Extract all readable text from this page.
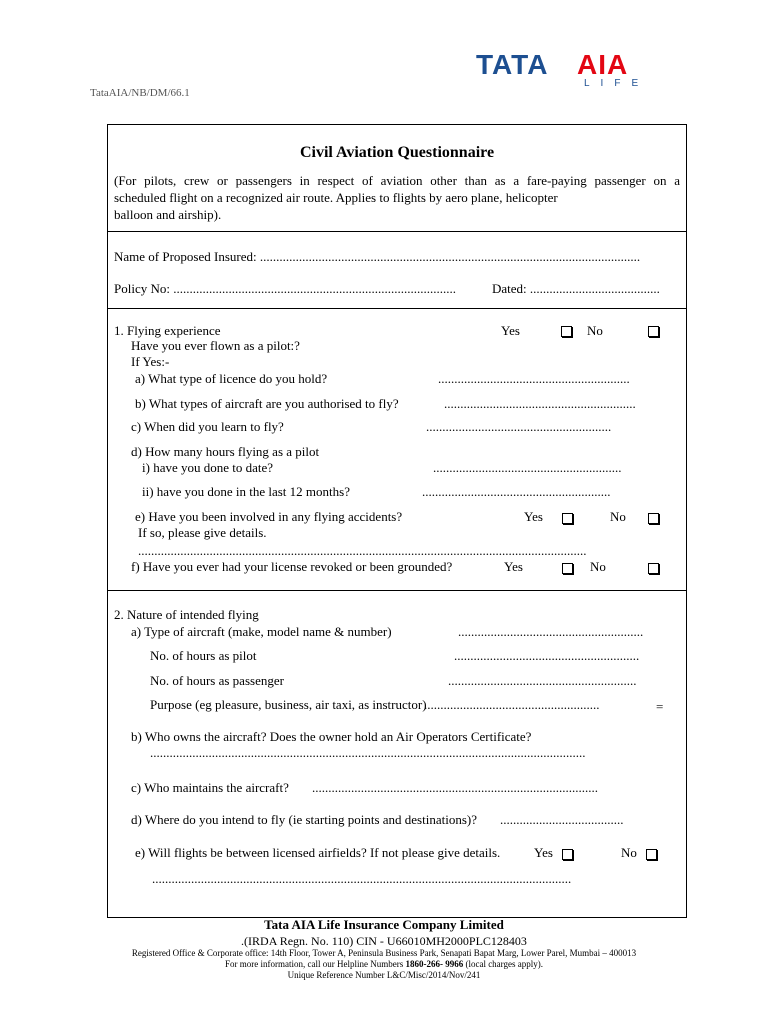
TataAIA/NB/DM/66.1
TATA AIA
LIFE
Civil Aviation Questionnaire
(For pilots, crew or passengers in respect of aviation other than as a fare-paying passenger on a
scheduled flight on a recognized air route. Applies to flights by aero plane, helicopter
balloon and airship).
Name of Proposed Insured: .....................................................................................................................
Policy No: .......................................................................................	Dated: ........................................
1. Flying experience	Yes	No
Have you ever flown as a pilot:?
If Yes:-
a) What type of licence do you hold?	...........................................................
b) What types of aircraft are you authorised to fly?	...........................................................
c) When did you learn to fly?	.........................................................
d) How many hours flying as a pilot
i) have you done to date?	..........................................................
ii) have you done in the last 12 months?	..........................................................
e) Have you been involved in any flying accidents?	Yes	No
If so, please give details.
..........................................................................................................................................
f) Have you ever had your license revoked or been grounded?	Yes	No
2. Nature of intended flying
a) Type of aircraft (make, model name & number)	.........................................................
No. of hours as pilot	.........................................................
No. of hours as passenger	..........................................................
Purpose (eg pleasure, business, air taxi, as instructor)
......................................................	=
b) Who owns the aircraft? Does the owner hold an Air Operators Certificate?
......................................................................................................................................
c) Who maintains the aircraft? ........................................................................................
d) Where do you intend to fly (ie starting points and destinations)? ......................................
e) Will flights be between licensed airfields? If not please give details.	Yes	No
.................................................................................................................................
Tata AIA Life Insurance Company Limited
.(IRDA Regn. No. 110) CIN - U66010MH2000PLC128403
Registered Office & Corporate office: 14th Floor, Tower A, Peninsula Business Park, Senapati Bapat Marg, Lower Parel, Mumbai – 400013
For more information, call our Helpline Numbers 1860-266- 9966 (local charges apply).
Unique Reference Number L&C/Misc/2014/Nov/241
